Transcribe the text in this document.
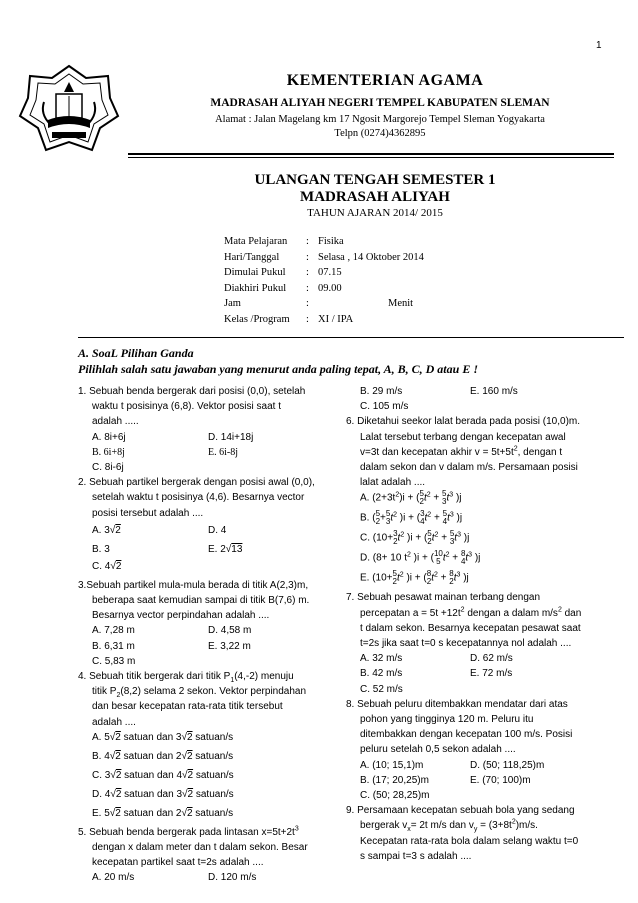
1
KEMENTERIAN AGAMA
MADRASAH ALIYAH NEGERI TEMPEL KABUPATEN SLEMAN
Alamat : Jalan Magelang km 17 Ngosit Margorejo Tempel Sleman Yogyakarta
Telpn (0274)4362895
ULANGAN TENGAH SEMESTER 1
MADRASAH ALIYAH
TAHUN AJARAN 2014/ 2015
Mata Pelajaran	: Fisika
Hari/Tanggal	: Selasa , 14 Oktober 2014
Dimulai Pukul	: 07.15
Diakhiri Pukul	: 09.00
Jam	:	Menit
Kelas /Program	: XI / IPA
A. SoaL Pilihan Ganda
Pilihlah salah satu jawaban yang menurut anda paling tepat, A, B, C, D atau E !
1. Sebuah benda bergerak dari posisi (0,0), setelah
waktu t posisinya (6,8). Vektor posisi saat t
adalah .....
A. 8i+6j	D. 14i+18j
B. 6i+8j	E. 6i-8j
C. 8i-6j
2. Sebuah partikel bergerak dengan posisi awal (0,0),
setelah waktu t posisinya (4,6). Besarnya vector
posisi tersebut adalah ....
A. 3√2	D. 4
B. 3	E. 2√13
C. 4√2
3.Sebuah partikel mula-mula berada di titik A(2,3)m,
beberapa saat kemudian sampai di titik B(7,6) m.
Besarnya vector perpindahan adalah ....
A. 7,28 m	D. 4,58 m
B. 6,31 m	E. 3,22 m
C. 5,83 m
4. Sebuah titik bergerak dari titik $P_1(4,-2)$ menuju
titik $P_2(8,2)$ selama 2 sekon. Vektor perpindahan
dan besar kecepatan rata-rata titik tersebut
adalah ....
A. 5√2 satuan dan 3√2 satuan/s
B. 4√2 satuan dan 2√2 satuan/s
C. 3√2 satuan dan 4√2 satuan/s
D. 4√2 satuan dan 3√2 satuan/s
E. 5√2 satuan dan 2√2 satuan/s
5. Sebuah benda bergerak pada lintasan $x=5t+2t^3$
dengan x dalam meter dan t dalam sekon. Besar
kecepatan partikel saat t=2s adalah ....
A. 20 m/s	D. 120 m/s
B. 29 m/s	E. 160 m/s
C. 105 m/s
6. Diketahui seekor lalat berada pada posisi (10,0)m.
Lalat tersebut terbang dengan kecepatan awal
v=3t dan kecepatan akhir $v = 5t+5t^2$, dengan t
dalam sekon dan v dalam m/s. Persamaan posisi
lalat adalah ....
A. $(2+3t^2)i$ + ( 5
2 $t^2 + 5$
3 $t^3$ )j
B. ( 5
2 + 5
3 $t^2$ )i + ( 3
4 $t^2 + 5$
4 $t^3$ )j
C. (10+ 3
2 $t^2$ )i + ( 5
2 $t^2 + 5$
3 $t^3$ )j
D. (8+ 10 $t^2$ )i + ( 10
5 $t^2 + 8$
4 $t^3$ )j
E. (10+ 5
2 $t^2$ )i + ( 8
2 $t^2 + 8$
2 $t^3$ )j
7. Sebuah pesawat mainan terbang dengan
percepatan $a = 5t +12t^2$ dengan a dalam $m/s^2$ dan
t dalam sekon. Besarnya kecepatan pesawat saat
t=2s jika saat t=0 s kecepatannya nol adalah ....
A. 32 m/s	D. 62 m/s
B. 42 m/s	E. 72 m/s
C. 52 m/s
8. Sebuah peluru ditembakkan mendatar dari atas
pohon yang tingginya 120 m. Peluru itu
ditembakkan dengan kecepatan 100 m/s. Posisi
peluru setelah 0,5 sekon adalah ....
A. (10; 15,1)m	D. (50; 118,25)m
B. (17; 20,25)m	E. (70; 100)m
C. (50; 28,25)m
9. Persamaan kecepatan sebuah bola yang sedang
bergerak $v_x= 2t$ m/s dan $v_y = (3+8t^2)m/s$.
Kecepatan rata-rata bola dalam selang waktu t=0
s sampai t=3 s adalah ....
